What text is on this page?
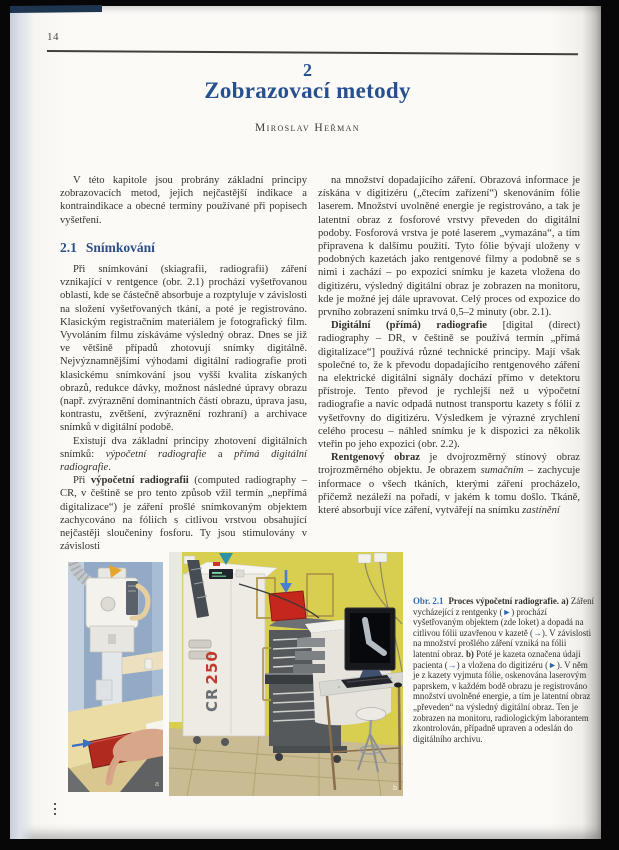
14
2
Zobrazovací metody
Miroslav Heřman

V této kapitole jsou probrány základní principy zobrazovacích metod, jejich nejčastější indikace a kontraindikace a obecné termíny používané při popisech vyšetření.

2.1 Snímkování

Při snímkování (skiagrafii, radiografii) záření vznikající v rentgence (obr. 2.1) prochází vyšetřovanou oblastí, kde se částečně absorbuje a rozptyluje v závislosti na složení vyšetřovaných tkání, a poté je registrováno. Klasickým registračním materiálem je fotografický film. Vyvoláním filmu získáváme výsledný obraz. Dnes se již ve většině případů zhotovují snímky digitálně. Nejvýznamnějšími výhodami digitální radiografie proti klasickému snímkování jsou vyšší kvalita získaných obrazů, redukce dávky, možnost následné úpravy obrazu (např. zvýraznění dominantních částí obrazu, úprava jasu, kontrastu, zvětšení, zvýraznění rozhraní) a archivace snímků v digitální podobě.

Existují dva základní principy zhotovení digitálních snímků: výpočetní radiografie a přímá digitální radiografie.

Při výpočetní radiografii (computed radiography – CR, v češtině se pro tento způsob vžil termín „nepřímá digitalizace“) je záření prošlé snímkovaným objektem zachycováno na fóliích s citlivou vrstvou obsahující nejčastěji sloučeniny fosforu. Ty jsou stimulovány v závislosti

na množství dopadajícího záření. Obrazová informace je získána v digitizéru („čtecím zařízení“) skenováním fólie laserem. Množství uvolněné energie je registrováno, a tak je latentní obraz z fosforové vrstvy převeden do digitální podoby. Fosforová vrstva je poté laserem „vymazána“, a tím připravena k dalšímu použití. Tyto fólie bývají uloženy v podobných kazetách jako rentgenové filmy a podobně se s nimi i zachází – po expozici snímku je kazeta vložena do digitizéru, výsledný digitální obraz je zobrazen na monitoru, kde je možné jej dále upravovat. Celý proces od expozice do prvního zobrazení snímku trvá 0,5–2 minuty (obr. 2.1).

Digitální (přímá) radiografie [digital (direct) radiography – DR, v češtině se používá termín „přímá digitalizace“] používá různé technické principy. Mají však společné to, že k převodu dopadajícího rentgenového záření na elektrické digitální signály dochází přímo v detektoru přístroje. Tento převod je rychlejší než u výpočetní radiografie a navíc odpadá nutnost transportu kazety s fólií z vyšetřovny do digitizéru. Výsledkem je výrazné zrychlení celého procesu – náhled snímku je k dispozici za několik vteřin po jeho expozici (obr. 2.2).

Rentgenový obraz je dvojrozměrný stínový obraz trojrozměrného objektu. Je obrazem sumačním – zachycuje informace o všech tkáních, kterými záření procházelo, přičemž nezáleží na pořadí, v jakém k tomu došlo. Tkáně, které absorbují více záření, vytvářejí na snímku zastínění

a
CR250
b
Obr. 2.1 Proces výpočetní radiografie. a) Záření vycházející z rentgenky (►) prochází vyšetřovaným objektem (zde loket) a dopadá na citlivou fólii uzavřenou v kazetě (→). V závislosti na množství prošlého záření vzniká na fólii latentní obraz. b) Poté je kazeta označena údaji pacienta (→) a vložena do digitizéru (►). V něm je z kazety vyjmuta fólie, oskenována laserovým paprskem, v každém bodě obrazu je registrováno množství uvolněné energie, a tím je latentní obraz „převeden“ na výsledný digitální obraz. Ten je zobrazen na monitoru, radiologickým laborantem zkontrolován, případně upraven a odeslán do digitálního archivu.
